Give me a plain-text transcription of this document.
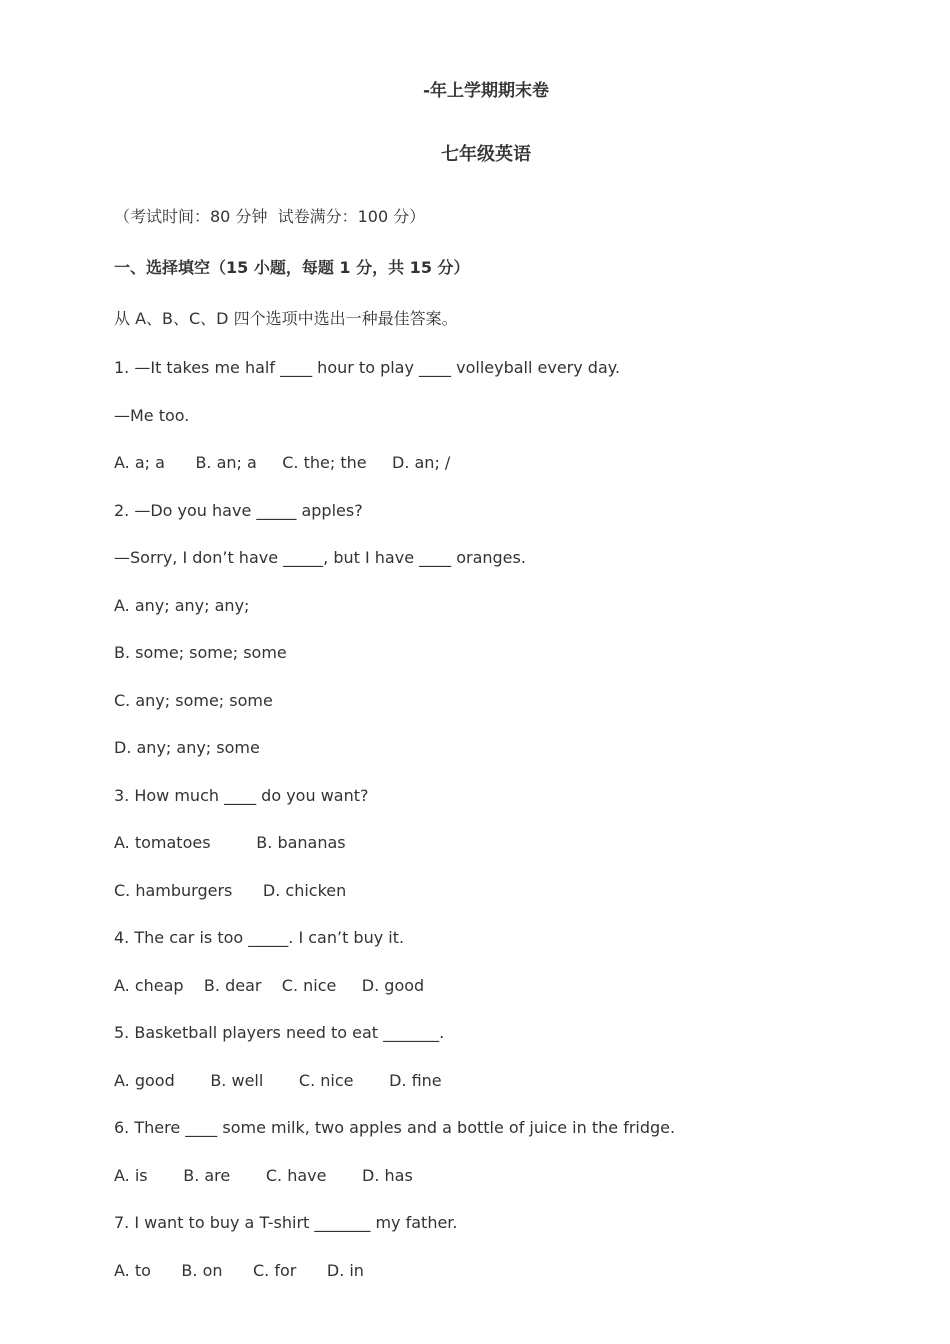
-年上学期期末卷
七年级英语
（考试时间：80 分钟  试卷满分：100 分）
一、选择填空（15 小题，每题 1 分，共 15 分）
从 A、B、C、D 四个选项中选出一种最佳答案。
1. —It takes me half ____ hour to play ____ volleyball every day.
—Me too.
A. a; a      B. an; a     C. the; the     D. an; /
2. —Do you have _____ apples?
—Sorry, I don’t have _____, but I have ____ oranges.
A. any; any; any;
B. some; some; some
C. any; some; some
D. any; any; some
3. How much ____ do you want?
A. tomatoes         B. bananas
C. hamburgers      D. chicken
4. The car is too _____. I can’t buy it.
A. cheap    B. dear    C. nice     D. good
5. Basketball players need to eat _______.
A. good       B. well       C. nice       D. fine
6. There ____ some milk, two apples and a bottle of juice in the fridge.
A. is       B. are       C. have       D. has
7. I want to buy a T-shirt _______ my father.
A. to      B. on      C. for      D. in
